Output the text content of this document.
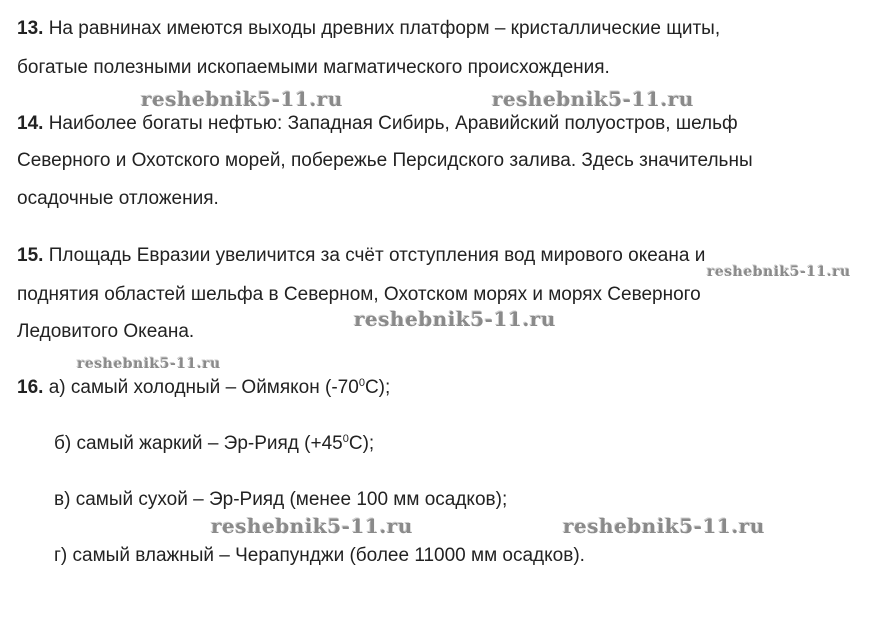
13. На равнинах имеются выходы древних платформ – кристаллические щиты,
богатые полезными ископаемыми магматического происхождения.
14. Наиболее богаты нефтью: Западная Сибирь, Аравийский полуостров, шельф
Северного и Охотского морей, побережье Персидского залива. Здесь значительны
осадочные отложения.
15. Площадь Евразии увеличится за счёт отступления вод мирового океана и
поднятия областей шельфа в Северном, Охотском морях и морях Северного
Ледовитого Океана.
16. а) самый холодный – Оймякон $(-70^0С)$;
б) самый жаркий – Эр-Рияд $(+45^0С)$;
в) самый сухой – Эр-Рияд (менее 100 мм осадков);
г) самый влажный – Черапунджи (более 11000 мм осадков).
reshebnik5-11.ru	reshebnik5-11.ru
reshebnik5-11.ru
reshebnik5-11.ru
reshebnik5-11.ru
reshebnik5-11.ru	reshebnik5-11.ru
